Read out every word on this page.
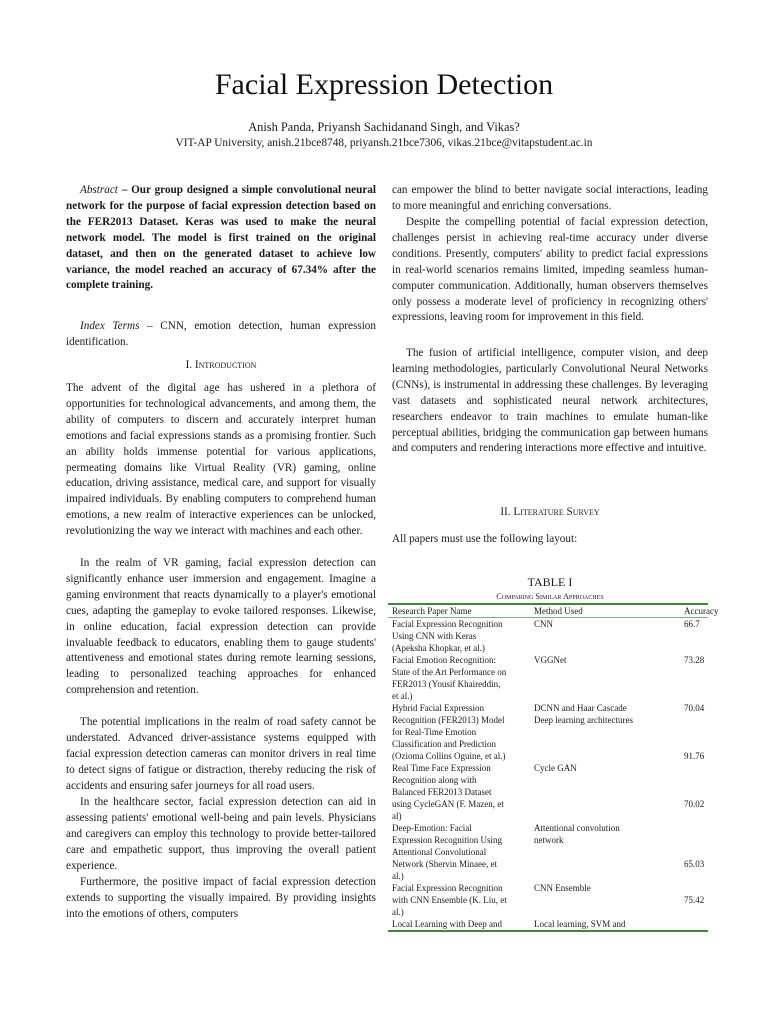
Facial Expression Detection
Anish Panda, Priyansh Sachidanand Singh, and Vikas?
VIT-AP University, anish.21bce8748, priyansh.21bce7306, vikas.21bce@vitapstudent.ac.in

Abstract – Our group designed a simple convolutional neural network for the purpose of facial expression detection based on the FER2013 Dataset. Keras was used to make the neural network model. The model is first trained on the original dataset, and then on the generated dataset to achieve low variance, the model reached an accuracy of 67.34% after the complete training.

Index Terms – CNN, emotion detection, human expression identification.

I. Introduction

The advent of the digital age has ushered in a plethora of opportunities for technological advancements, and among them, the ability of computers to discern and accurately interpret human emotions and facial expressions stands as a promising frontier. Such an ability holds immense potential for various applications, permeating domains like Virtual Reality (VR) gaming, online education, driving assistance, medical care, and support for visually impaired individuals. By enabling computers to comprehend human emotions, a new realm of interactive experiences can be unlocked, revolutionizing the way we interact with machines and each other.

In the realm of VR gaming, facial expression detection can significantly enhance user immersion and engagement. Imagine a gaming environment that reacts dynamically to a player's emotional cues, adapting the gameplay to evoke tailored responses. Likewise, in online education, facial expression detection can provide invaluable feedback to educators, enabling them to gauge students' attentiveness and emotional states during remote learning sessions, leading to personalized teaching approaches for enhanced comprehension and retention.

The potential implications in the realm of road safety cannot be understated. Advanced driver-assistance systems equipped with facial expression detection cameras can monitor drivers in real time to detect signs of fatigue or distraction, thereby reducing the risk of accidents and ensuring safer journeys for all road users.

In the healthcare sector, facial expression detection can aid in assessing patients' emotional well-being and pain levels. Physicians and caregivers can employ this technology to provide better-tailored care and empathetic support, thus improving the overall patient experience.

Furthermore, the positive impact of facial expression detection extends to supporting the visually impaired. By providing insights into the emotions of others, computers

can empower the blind to better navigate social interactions, leading to more meaningful and enriching conversations.

Despite the compelling potential of facial expression detection, challenges persist in achieving real-time accuracy under diverse conditions. Presently, computers' ability to predict facial expressions in real-world scenarios remains limited, impeding seamless human-computer communication. Additionally, human observers themselves only possess a moderate level of proficiency in recognizing others' expressions, leaving room for improvement in this field.

The fusion of artificial intelligence, computer vision, and deep learning methodologies, particularly Convolutional Neural Networks (CNNs), is instrumental in addressing these challenges. By leveraging vast datasets and sophisticated neural network architectures, researchers endeavor to train machines to emulate human-like perceptual abilities, bridging the communication gap between humans and computers and rendering interactions more effective and intuitive.

II. Literature Survey

All papers must use the following layout:

TABLE I
Comparing Similar Approaches
Research Paper Name	Method Used	Accuracy
Facial Expression Recognition	CNN	66.7
Using CNN with Keras
(Apeksha Khopkar, et al.)
Facial Emotion Recognition:	VGGNet	73.28
State of the Art Performance on
FER2013 (Yousif Khaireddin,
et al.)
Hybrid Facial Expression	DCNN and Haar Cascade	70.04
Recognition (FER2013) Model	Deep learning architectures
for Real-Time Emotion
Classification and Prediction
(Ozioma Collins Oguine, et al.)	91.76
Real Time Face Expression	Cycle GAN
Recognition along with
Balanced FER2013 Dataset
using CycleGAN (F. Mazen, et	70.02
al)
Deep-Emotion: Facial	Attentional convolution
Expression Recognition Using	network
Attentional Convolutional
Network (Shervin Minaee, et	65.03
al.)
Facial Expression Recognition	CNN Ensemble
with CNN Ensemble (K. Liu, et	75.42
al.)
Local Learning with Deep and	Local learning, SVM and
